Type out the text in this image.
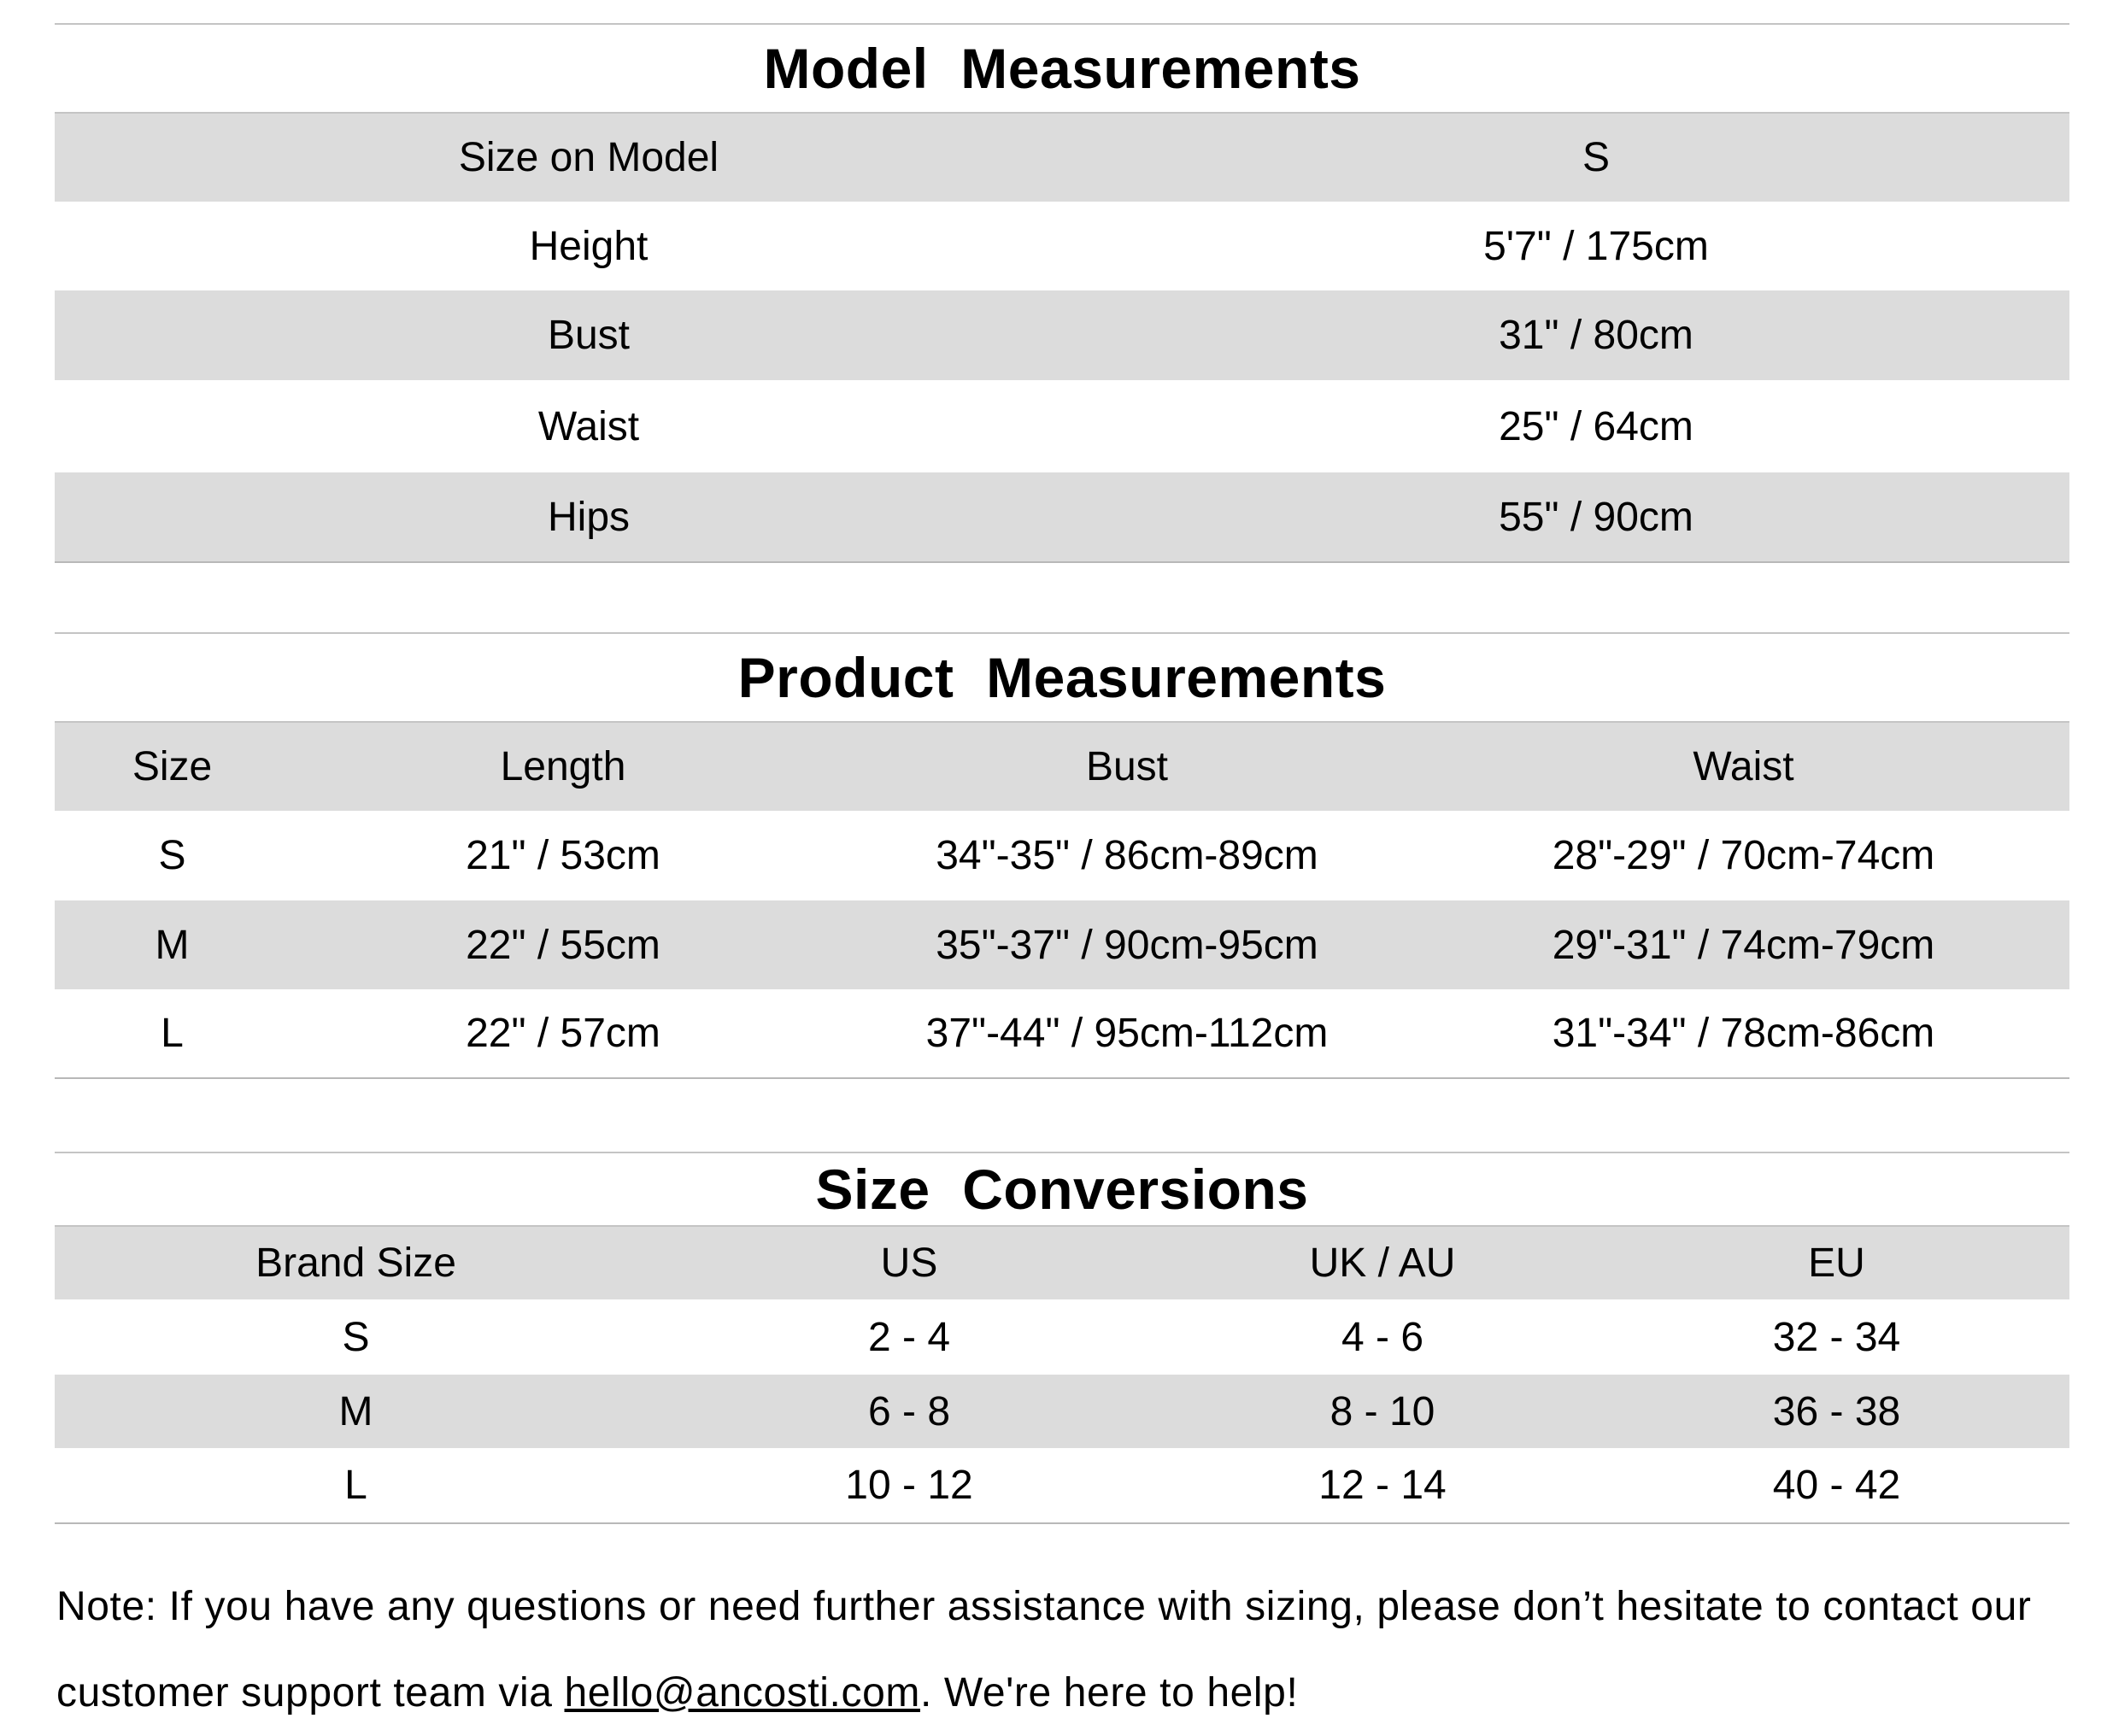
Model  Measurements
Size on Model	S
Height	5'7" / 175cm
Bust	31" / 80cm
Waist	25" / 64cm
Hips	55" / 90cm
Product  Measurements
Size	Length	Bust	Waist
S	21" / 53cm	34"-35" / 86cm-89cm	28"-29" / 70cm-74cm
M	22" / 55cm	35"-37" / 90cm-95cm	29"-31" / 74cm-79cm
L	22" / 57cm	37"-44" / 95cm-112cm	31"-34" / 78cm-86cm
Size  Conversions
Brand Size	US	UK / AU	EU
S	2 - 4	4 - 6	32 - 34
M	6 - 8	8 - 10	36 - 38
L	10 - 12	12 - 14	40 - 42
Note: If you have any questions or need further assistance with sizing, please don’t hesitate to contact our customer support team via hello@ancosti.com. We're here to help!
